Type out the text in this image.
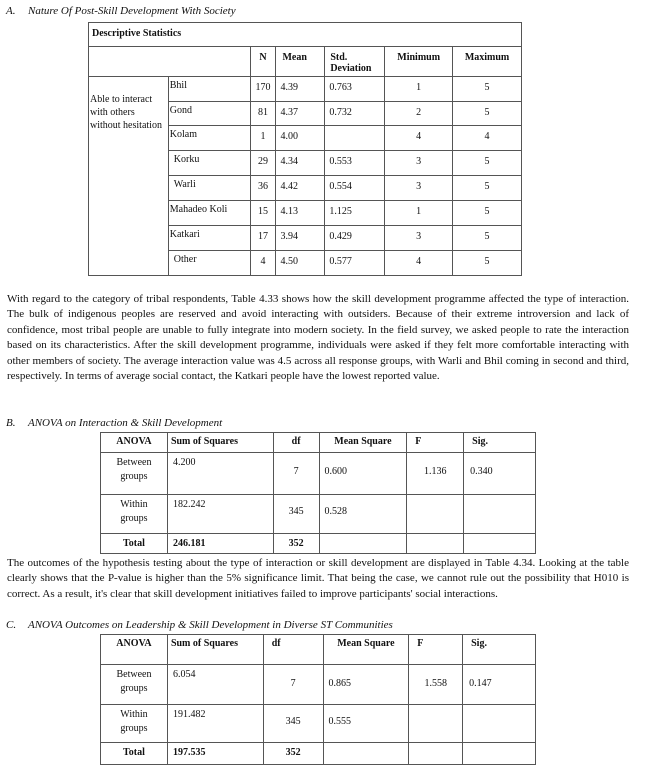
A. Nature Of Post-Skill Development With Society
Descriptive Statistics						
		N	Mean	Std. Deviation	Minimum	Maximum
Able to interact with others without hesitation	Bhil	170	4.39	0.763	1	5
	Gond	81	4.37	0.732	2	5
	Kolam	1	4.00		4	4
	Korku	29	4.34	0.553	3	5
	Warli	36	4.42	0.554	3	5
	Mahadeo Koli	15	4.13	1.125	1	5
	Katkari	17	3.94	0.429	3	5
	Other	4	4.50	0.577	4	5
With regard to the category of tribal respondents, Table 4.33 shows how the skill development programme affected the type of interaction. The bulk of indigenous peoples are reserved and avoid interacting with outsiders. Because of their extreme introversion and lack of confidence, most tribal people are unable to fully integrate into modern society. In the field survey, we asked people to rate the interaction based on its characteristics. After the skill development programme, individuals were asked if they felt more comfortable interacting with other members of society. The average interaction value was 4.5 across all response groups, with Warli and Bhil coming in second and third, respectively. In terms of average social contact, the Katkari people have the lowest reported value.
B. ANOVA on Interaction & Skill Development
ANOVA	Sum of Squares	df	Mean Square	F	Sig.
Between groups	4.200	7	0.600	1.136	0.340
Within groups	182.242	345	0.528		
Total	246.181	352			
The outcomes of the hypothesis testing about the type of interaction or skill development are displayed in Table 4.34. Looking at the table clearly shows that the P-value is higher than the 5% significance limit. That being the case, we cannot rule out the possibility that H010 is correct. As a result, it's clear that skill development initiatives failed to improve participants' social interactions.
C. ANOVA Outcomes on Leadership & Skill Development in Diverse ST Communities
ANOVA	Sum of Squares	df	Mean Square	F	Sig.
Between groups	6.054	7	0.865	1.558	0.147
Within groups	191.482	345	0.555		
Total	197.535	352			
